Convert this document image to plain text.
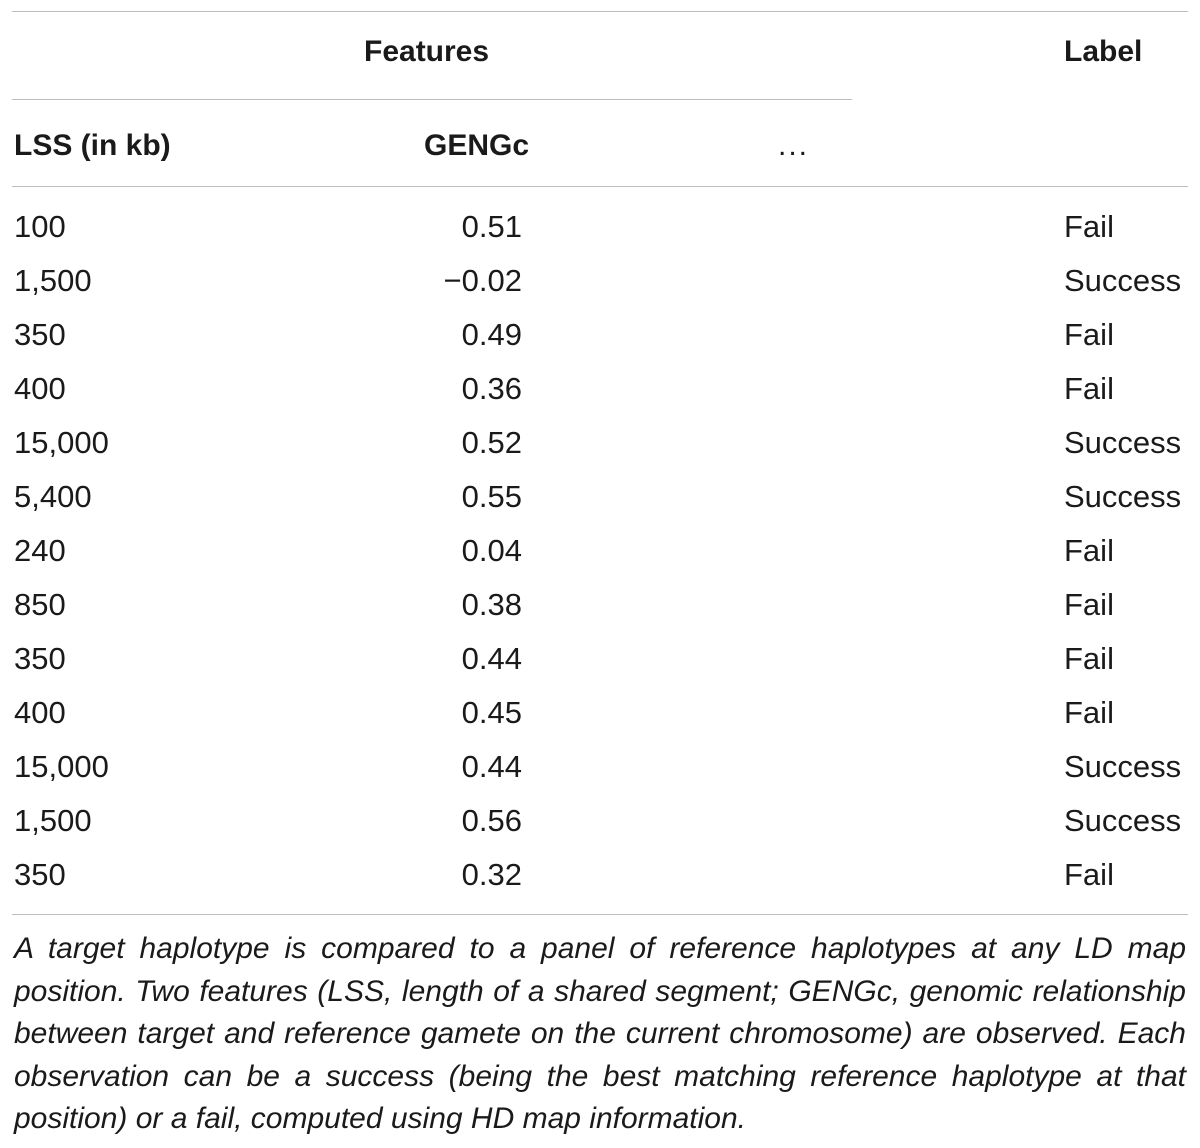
Features	Label
LSS (in kb)	GENGc	...
100	0.51	Fail
1,500	−0.02	Success
350	0.49	Fail
400	0.36	Fail
15,000	0.52	Success
5,400	0.55	Success
240	0.04	Fail
850	0.38	Fail
350	0.44	Fail
400	0.45	Fail
15,000	0.44	Success
1,500	0.56	Success
350	0.32	Fail
A target haplotype is compared to a panel of reference haplotypes at any LD map position. Two features (LSS, length of a shared segment; GENGc, genomic relationship between target and reference gamete on the current chromosome) are observed. Each observation can be a success (being the best matching reference haplotype at that position) or a fail, computed using HD map information.
